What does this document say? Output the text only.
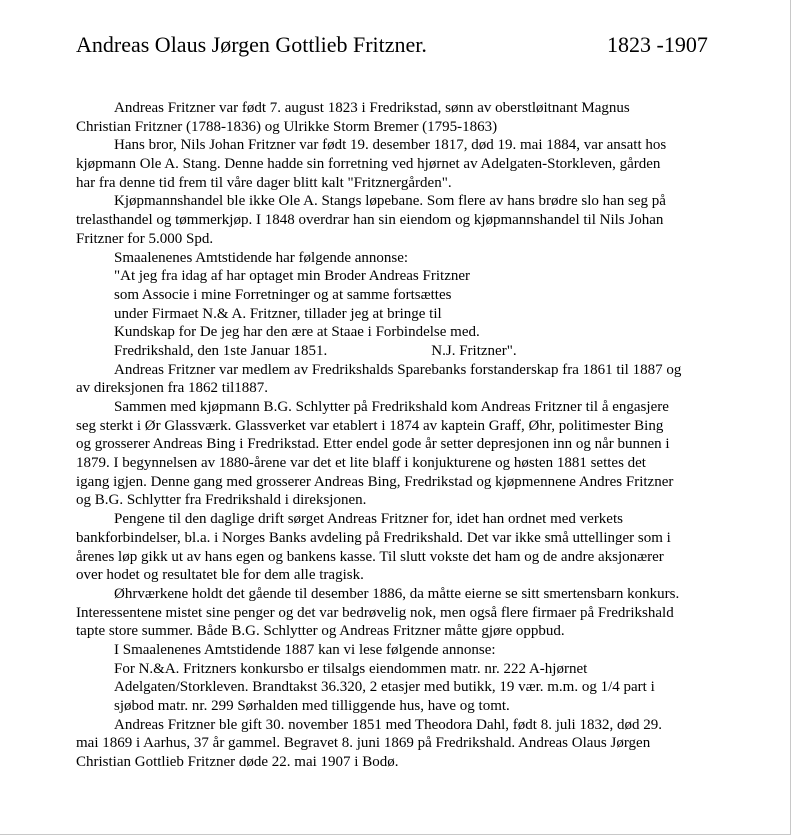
Andreas Olaus Jørgen Gottlieb Fritzner.	1823 -1907
Andreas Fritzner var født 7. august 1823 i Fredrikstad, sønn av oberstløitnant Magnus
Christian Fritzner (1788-1836) og Ulrikke Storm Bremer (1795-1863)
Hans bror, Nils Johan Fritzner var født 19. desember 1817, død 19. mai 1884, var ansatt hos
kjøpmann Ole A. Stang. Denne hadde sin forretning ved hjørnet av Adelgaten-Storkleven, gården
har fra denne tid frem til våre dager blitt kalt "Fritznergården".
Kjøpmannshandel ble ikke Ole A. Stangs løpebane. Som flere av hans brødre slo han seg på
trelasthandel og tømmerkjøp. I 1848 overdrar han sin eiendom og kjøpmannshandel til Nils Johan
Fritzner for 5.000 Spd.
Smaalenenes Amtstidende har følgende annonse:
"At jeg fra idag af har optaget min Broder Andreas Fritzner
som Associe i mine Forretninger og at samme fortsættes
under Firmaet N.& A. Fritzner, tillader jeg at bringe til
Kundskap for De jeg har den ære at Staae i Forbindelse med.
Fredrikshald, den 1ste Januar 1851.	N.J. Fritzner".
Andreas Fritzner var medlem av Fredrikshalds Sparebanks forstanderskap fra 1861 til 1887 og
av direksjonen fra 1862 til1887.
Sammen med kjøpmann B.G. Schlytter på Fredrikshald kom Andreas Fritzner til å engasjere
seg sterkt i Ør Glassværk. Glassverket var etablert i 1874 av kaptein Graff, Øhr, politimester Bing
og grosserer Andreas Bing i Fredrikstad. Etter endel gode år setter depresjonen inn og når bunnen i
1879. I begynnelsen av 1880-årene var det et lite blaff i konjukturene og høsten 1881 settes det
igang igjen. Denne gang med grosserer Andreas Bing, Fredrikstad og kjøpmennene Andres Fritzner
og B.G. Schlytter fra Fredrikshald i direksjonen.
Pengene til den daglige drift sørget Andreas Fritzner for, idet han ordnet med verkets
bankforbindelser, bl.a. i Norges Banks avdeling på Fredrikshald. Det var ikke små uttellinger som i
årenes løp gikk ut av hans egen og bankens kasse. Til slutt vokste det ham og de andre aksjonærer
over hodet og resultatet ble for dem alle tragisk.
Øhrværkene holdt det gående til desember 1886, da måtte eierne se sitt smertensbarn konkurs.
Interessentene mistet sine penger og det var bedrøvelig nok, men også flere firmaer på Fredrikshald
tapte store summer. Både B.G. Schlytter og Andreas Fritzner måtte gjøre oppbud.
I Smaalenenes Amtstidende 1887 kan vi lese følgende annonse:
For N.&A. Fritzners konkursbo er tilsalgs eiendommen matr. nr. 222 A-hjørnet
Adelgaten/Storkleven. Brandtakst 36.320, 2 etasjer med butikk, 19 vær. m.m. og 1/4 part i
sjøbod matr. nr. 299 Sørhalden med tilliggende hus, have og tomt.
Andreas Fritzner ble gift 30. november 1851 med Theodora Dahl, født 8. juli 1832, død 29.
mai 1869 i Aarhus, 37 år gammel. Begravet 8. juni 1869 på Fredrikshald. Andreas Olaus Jørgen
Christian Gottlieb Fritzner døde 22. mai 1907 i Bodø.
